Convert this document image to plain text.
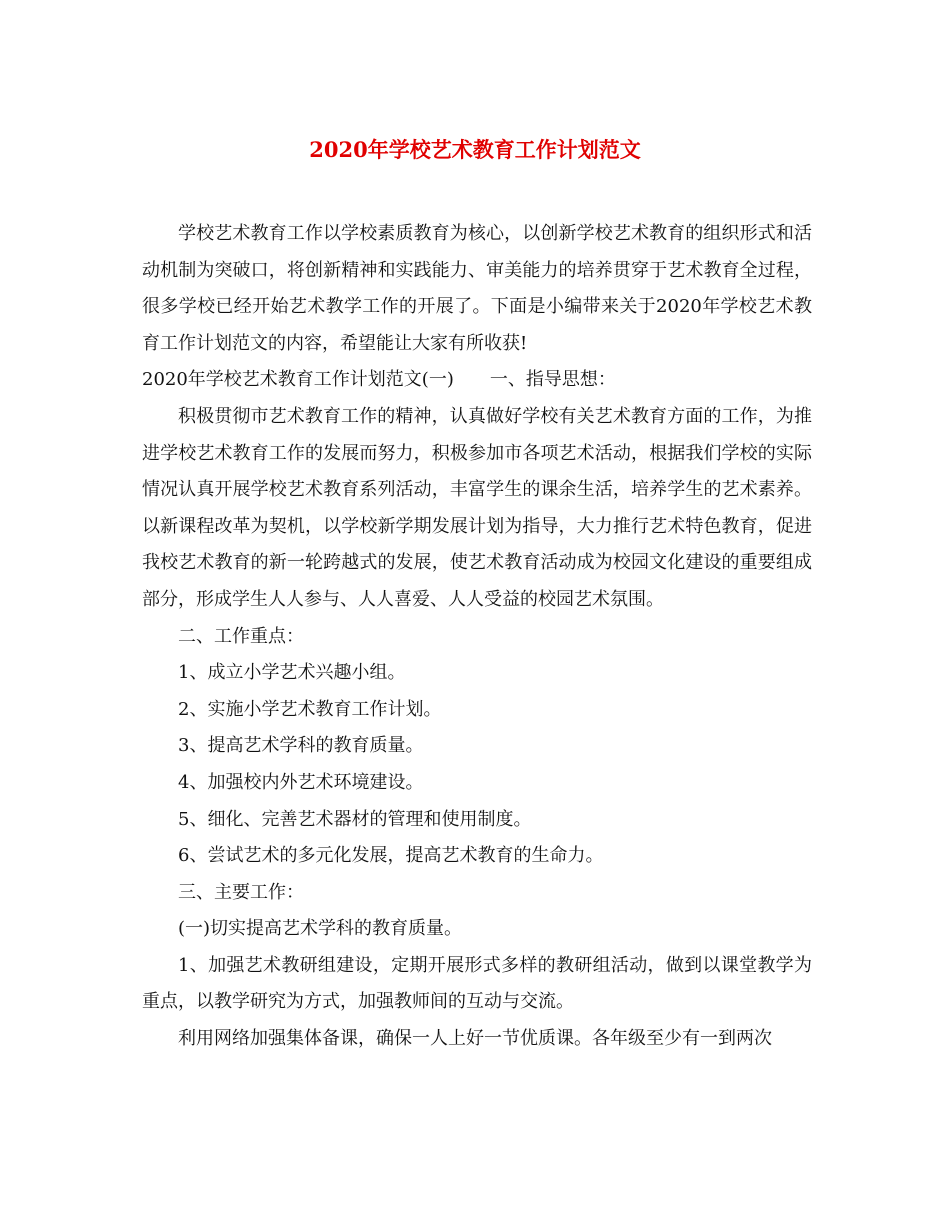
2020年学校艺术教育工作计划范文

学校艺术教育工作以学校素质教育为核心，以创新学校艺术教育的组织形式和活动机制为突破口，将创新精神和实践能力、审美能力的培养贯穿于艺术教育全过程，很多学校已经开始艺术教学工作的开展了。下面是小编带来关于2020年学校艺术教育工作计划范文的内容，希望能让大家有所收获!

2020年学校艺术教育工作计划范文(一) 一、指导思想：

积极贯彻市艺术教育工作的精神，认真做好学校有关艺术教育方面的工作，为推进学校艺术教育工作的发展而努力，积极参加市各项艺术活动，根据我们学校的实际情况认真开展学校艺术教育系列活动，丰富学生的课余生活，培养学生的艺术素养。以新课程改革为契机，以学校新学期发展计划为指导，大力推行艺术特色教育，促进我校艺术教育的新一轮跨越式的发展，使艺术教育活动成为校园文化建设的重要组成部分，形成学生人人参与、人人喜爱、人人受益的校园艺术氛围。

二、工作重点：

1、成立小学艺术兴趣小组。

2、实施小学艺术教育工作计划。

3、提高艺术学科的教育质量。

4、加强校内外艺术环境建设。

5、细化、完善艺术器材的管理和使用制度。

6、尝试艺术的多元化发展，提高艺术教育的生命力。

三、主要工作：

(一)切实提高艺术学科的教育质量。

1、加强艺术教研组建设，定期开展形式多样的教研组活动，做到以课堂教学为重点，以教学研究为方式，加强教师间的互动与交流。

利用网络加强集体备课，确保一人上好一节优质课。各年级至少有一到两次
